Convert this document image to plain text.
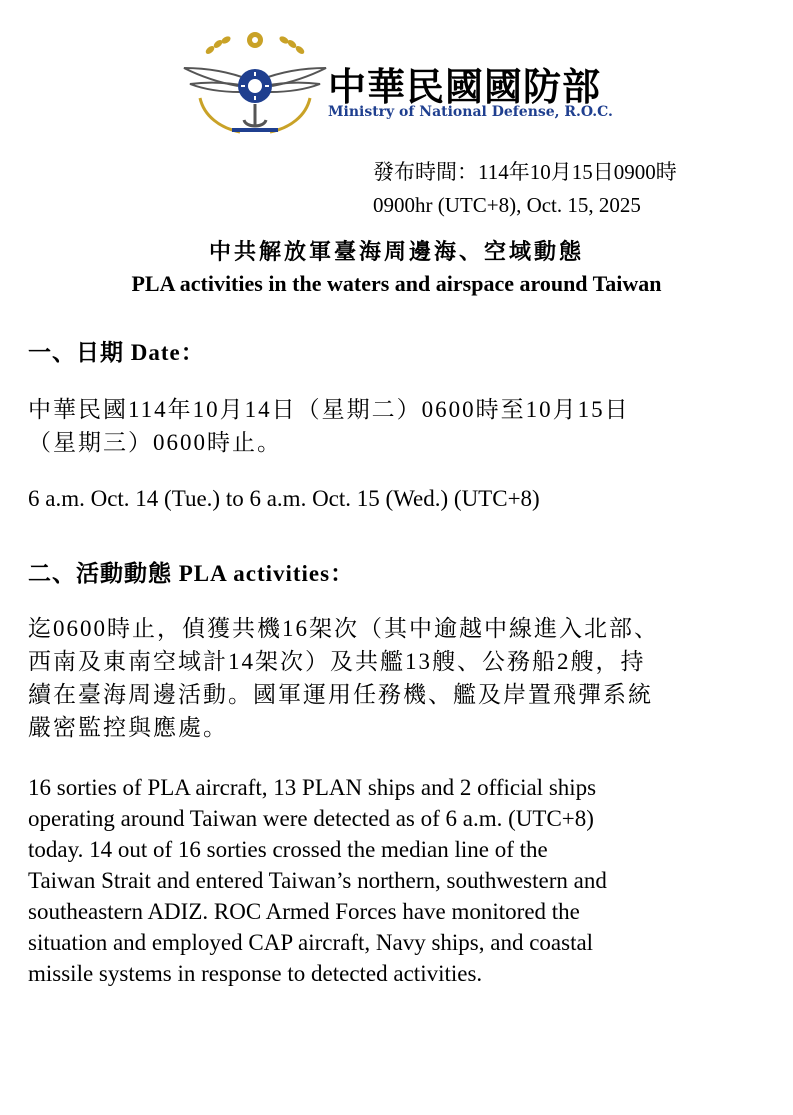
中華民國國防部
Ministry of National Defense, R.O.C.
發布時間：114年10月15日0900時
0900hr (UTC+8), Oct. 15, 2025
中共解放軍臺海周邊海、空域動態
PLA activities in the waters and airspace around Taiwan
一、日期 Date：
中華民國114年10月14日（星期二）0600時至10月15日
（星期三）0600時止。
6 a.m. Oct. 14 (Tue.) to 6 a.m. Oct. 15 (Wed.) (UTC+8)
二、活動動態 PLA activities：
迄0600時止，偵獲共機16架次（其中逾越中線進入北部、
西南及東南空域計14架次）及共艦13艘、公務船2艘，持
續在臺海周邊活動。國軍運用任務機、艦及岸置飛彈系統
嚴密監控與應處。
16 sorties of PLA aircraft, 13 PLAN ships and 2 official ships
operating around Taiwan were detected as of 6 a.m. (UTC+8)
today. 14 out of 16 sorties crossed the median line of the
Taiwan Strait and entered Taiwan’s northern, southwestern and
southeastern ADIZ. ROC Armed Forces have monitored the
situation and employed CAP aircraft, Navy ships, and coastal
missile systems in response to detected activities.
